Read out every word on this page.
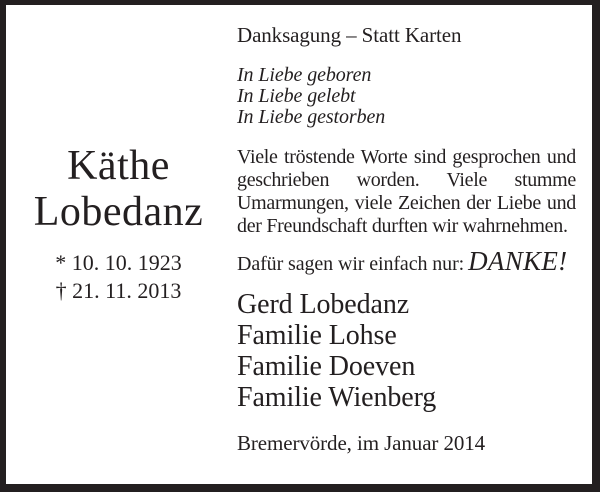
Käthe
Lobedanz
* 10. 10. 1923
† 21. 11. 2013
Danksagung – Statt Karten
In Liebe geboren
In Liebe gelebt
In Liebe gestorben

Viele tröstende Worte sind gesprochen und geschrieben worden. Viele stumme Umarmungen, viele Zeichen der Liebe und der Freundschaft durften wir wahrnehmen.

Dafür sagen wir einfach nur: DANKE!
Gerd Lobedanz
Familie Lohse
Familie Doeven
Familie Wienberg
Bremervörde, im Januar 2014
